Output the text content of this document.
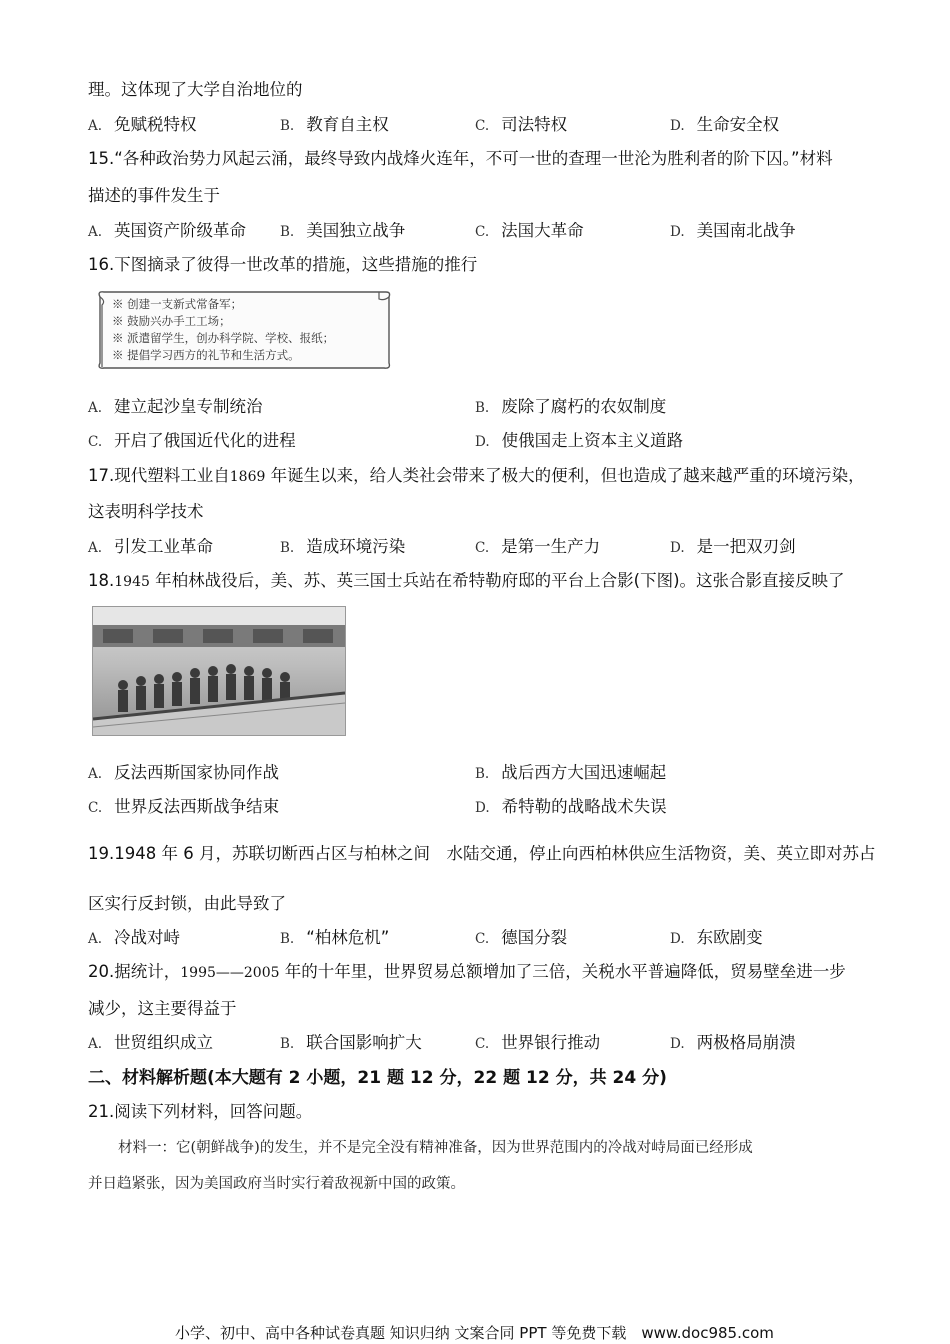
理。这体现了大学自治地位的
A. 免赋税特权	B. 教育自主权	C. 司法特权	D. 生命安全权
15.“各种政治势力风起云涌，最终导致内战烽火连年，不可一世的查理一世沦为胜利者的阶下囚。”材料
描述的事件发生于
A. 英国资产阶级革命	B. 美国独立战争	C. 法国大革命	D. 美国南北战争
16.下图摘录了彼得一世改革的措施，这些措施的推行
※ 创建一支新式常备军；
※ 鼓励兴办手工工场；
※ 派遣留学生，创办科学院、学校、报纸；
※ 提倡学习西方的礼节和生活方式。
A. 建立起沙皇专制统治	B. 废除了腐朽的农奴制度
C. 开启了俄国近代化的进程	D. 使俄国走上资本主义道路
17.现代塑料工业自1869 年诞生以来，给人类社会带来了极大的便利，但也造成了越来越严重的环境污染，
这表明科学技术
A. 引发工业革命	B. 造成环境污染	C. 是第一生产力	D. 是一把双刃剑
18.1945 年柏林战役后，美、苏、英三国士兵站在希特勒府邸的平台上合影(下图)。这张合影直接反映了
A. 反法西斯国家协同作战	B. 战后西方大国迅速崛起
C. 世界反法西斯战争结束	D. 希特勒的战略战术失误
19.1948 年 6 月，苏联切断西占区与柏林之间　水陆交通，停止向西柏林供应生活物资，美、英立即对苏占
区实行反封锁，由此导致了
A. 冷战对峙	B. “柏林危机”	C. 德国分裂	D. 东欧剧变
20.据统计，1995——2005 年的十年里，世界贸易总额增加了三倍，关税水平普遍降低，贸易壁垒进一步
减少，这主要得益于
A. 世贸组织成立	B. 联合国影响扩大	C. 世界银行推动	D. 两极格局崩溃
二、材料解析题(本大题有 2 小题，21 题 12 分，22 题 12 分，共 24 分)
21.阅读下列材料，回答问题。
材料一：它(朝鲜战争)的发生，并不是完全没有精神准备，因为世界范围内的冷战对峙局面已经形成
并日趋紧张，因为美国政府当时实行着敌视新中国的政策。
小学、初中、高中各种试卷真题 知识归纳 文案合同 PPT 等免费下载　www.doc985.com
